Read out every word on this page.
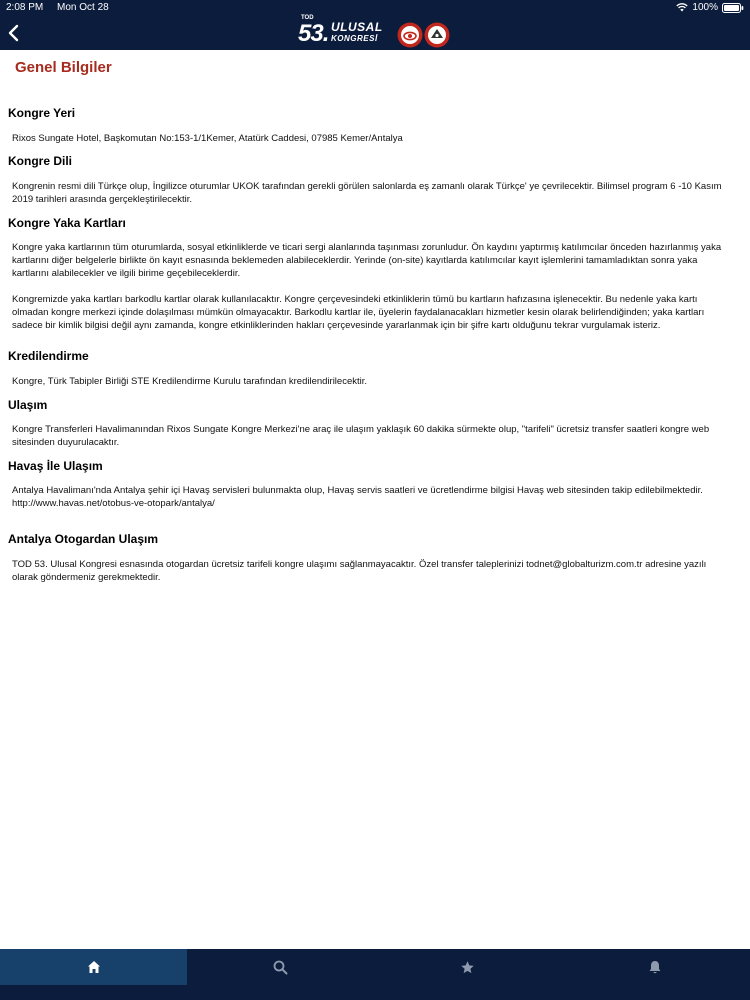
2:08 PM Mon Oct 28	100%
TOD
53. ULUSAL
KONGRESİ
Genel Bilgiler
Kongre Yeri

Rixos Sungate Hotel, Başkomutan No:153-1/1Kemer, Atatürk Caddesi, 07985 Kemer/Antalya

Kongre Dili

Kongrenin resmi dili Türkçe olup, İngilizce oturumlar UKOK tarafından gerekli görülen salonlarda eş zamanlı olarak Türkçe' ye çevrilecektir. Bilimsel program 6 -10 Kasım 2019 tarihleri arasında gerçekleştirilecektir.

Kongre Yaka Kartları

Kongre yaka kartlarının tüm oturumlarda, sosyal etkinliklerde ve ticari sergi alanlarında taşınması zorunludur. Ön kaydını yaptırmış katılımcılar önceden hazırlanmış yaka kartlarını diğer belgelerle birlikte ön kayıt esnasında beklemeden alabileceklerdir. Yerinde (on-site) kayıtlarda katılımcılar kayıt işlemlerini tamamladıktan sonra yaka kartlarını alabilecekler ve ilgili birime geçebileceklerdir.

Kongremizde yaka kartları barkodlu kartlar olarak kullanılacaktır. Kongre çerçevesindeki etkinliklerin tümü bu kartların hafızasına işlenecektir. Bu nedenle yaka kartı olmadan kongre merkezi içinde dolaşılması mümkün olmayacaktır. Barkodlu kartlar ile, üyelerin faydalanacakları hizmetler kesin olarak belirlendiğinden; yaka kartları sadece bir kimlik bilgisi değil aynı zamanda, kongre etkinliklerinden hakları çerçevesinde yararlanmak için bir şifre kartı olduğunu tekrar vurgulamak isteriz.

Kredilendirme

Kongre, Türk Tabipler Birliği STE Kredilendirme Kurulu tarafından kredilendirilecektir.

Ulaşım

Kongre Transferleri Havalimanından Rixos Sungate Kongre Merkezi'ne araç ile ulaşım yaklaşık 60 dakika sürmekte olup, "tarifeli" ücretsiz transfer saatleri kongre web sitesinden duyurulacaktır.

Havaş İle Ulaşım

Antalya Havalimanı'nda Antalya şehir içi Havaş servisleri bulunmakta olup, Havaş servis saatleri ve ücretlendirme bilgisi Havaş web sitesinden takip edilebilmektedir.
http://www.havas.net/otobus-ve-otopark/antalya/

Antalya Otogardan Ulaşım

TOD 53. Ulusal Kongresi esnasında otogardan ücretsiz tarifeli kongre ulaşımı sağlanmayacaktır. Özel transfer taleplerinizi todnet@globalturizm.com.tr adresine yazılı olarak göndermeniz gerekmektedir.
